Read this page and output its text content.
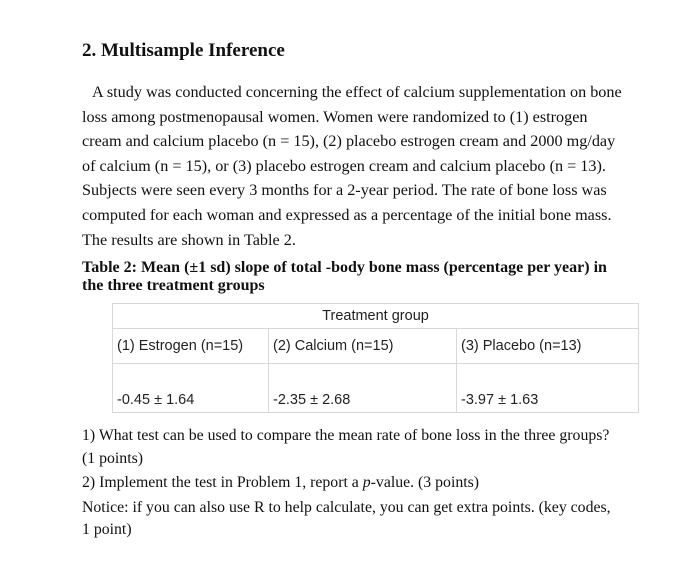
2. Multisample Inference
A study was conducted concerning the effect of calcium supplementation on bone
loss among postmenopausal women. Women were randomized to (1) estrogen
cream and calcium placebo (n = 15), (2) placebo estrogen cream and 2000 mg/day
of calcium (n = 15), or (3) placebo estrogen cream and calcium placebo (n = 13).
Subjects were seen every 3 months for a 2-year period. The rate of bone loss was
computed for each woman and expressed as a percentage of the initial bone mass.
The results are shown in Table 2.
Table 2: Mean (±1 sd) slope of total -body bone mass (percentage per year) in
the three treatment groups
Treatment group		
(1) Estrogen (n=15)	(2) Calcium (n=15)	(3) Placebo (n=13)
-0.45 ± 1.64	-2.35 ± 2.68	-3.97 ± 1.63
1) What test can be used to compare the mean rate of bone loss in the three groups?
(1 points)
2) Implement the test in Problem 1, report a p-value. (3 points)
Notice: if you can also use R to help calculate, you can get extra points. (key codes,
1 point)
